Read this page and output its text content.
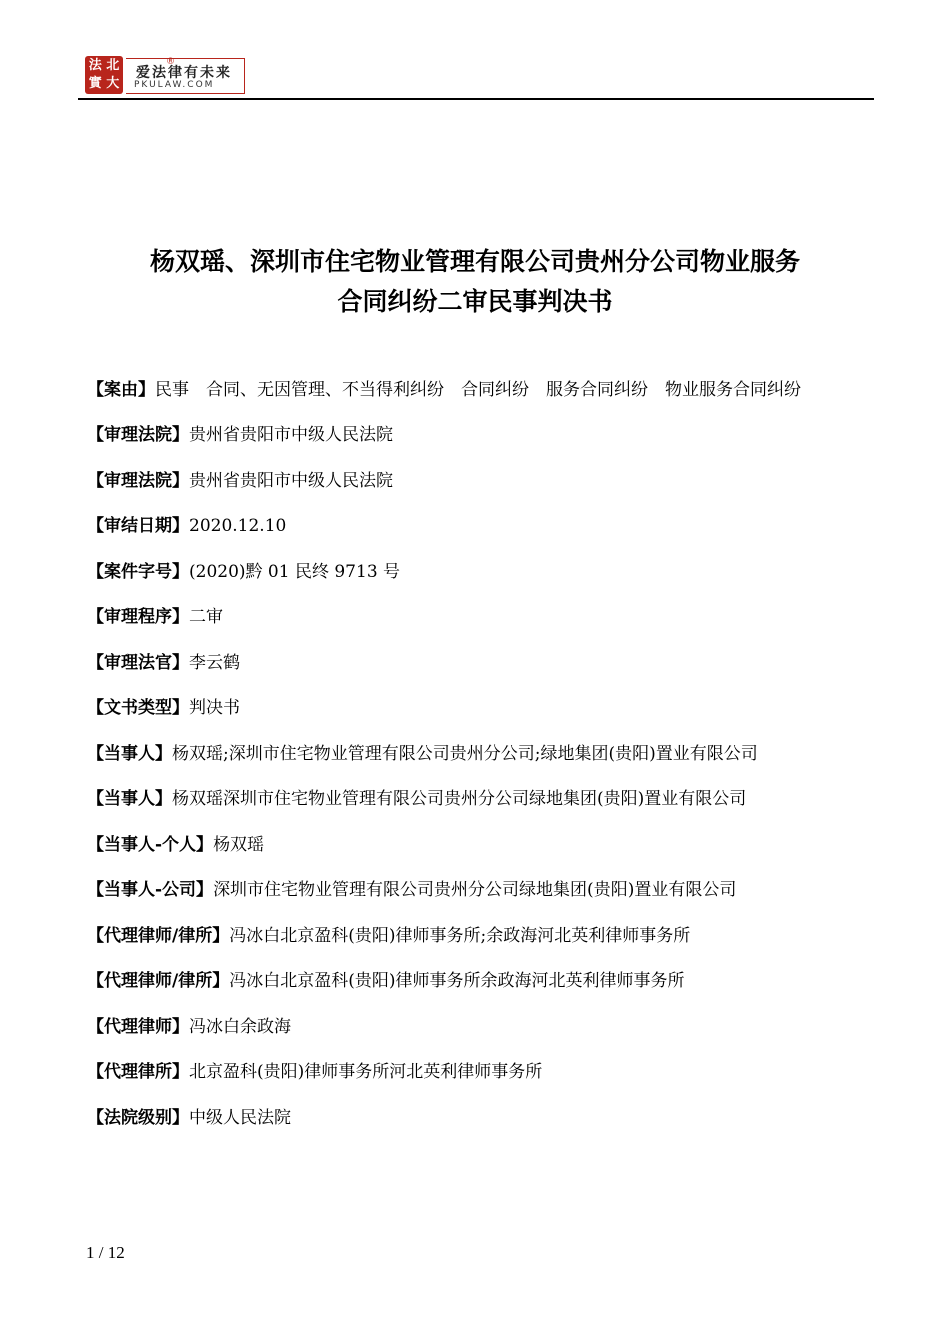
法 北
實 大
®
爱法律有未来
PKULAW.COM
杨双瑶、深圳市住宅物业管理有限公司贵州分公司物业服务
合同纠纷二审民事判决书
【案由】民事　合同、无因管理、不当得利纠纷　合同纠纷　服务合同纠纷　物业服务合同纠纷
【审理法院】贵州省贵阳市中级人民法院
【审理法院】贵州省贵阳市中级人民法院
【审结日期】2020.12.10
【案件字号】(2020)黔 01 民终 9713 号
【审理程序】二审
【审理法官】李云鹤
【文书类型】判决书
【当事人】杨双瑶;深圳市住宅物业管理有限公司贵州分公司;绿地集团(贵阳)置业有限公司
【当事人】杨双瑶深圳市住宅物业管理有限公司贵州分公司绿地集团(贵阳)置业有限公司
【当事人-个人】杨双瑶
【当事人-公司】深圳市住宅物业管理有限公司贵州分公司绿地集团(贵阳)置业有限公司
【代理律师/律所】冯冰白北京盈科(贵阳)律师事务所;余政海河北英利律师事务所
【代理律师/律所】冯冰白北京盈科(贵阳)律师事务所余政海河北英利律师事务所
【代理律师】冯冰白余政海
【代理律所】北京盈科(贵阳)律师事务所河北英利律师事务所
【法院级别】中级人民法院
1 / 12
